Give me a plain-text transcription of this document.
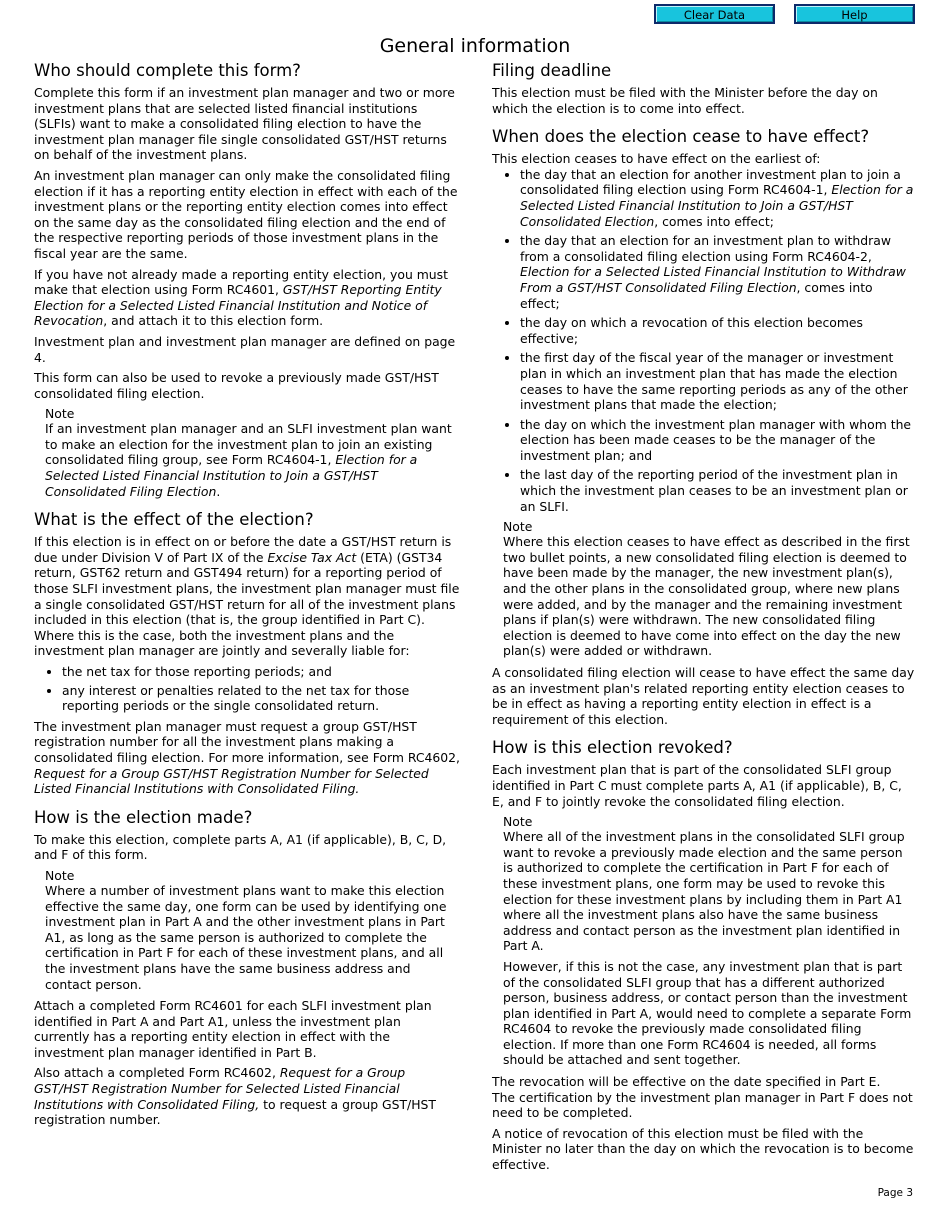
Clear Data	Help
General information
Who should complete this form?

Complete this form if an investment plan manager and two or more investment plans that are selected listed financial institutions (SLFIs) want to make a consolidated filing election to have the investment plan manager file single consolidated GST/HST returns on behalf of the investment plans.

An investment plan manager can only make the consolidated filing election if it has a reporting entity election in effect with each of the investment plans or the reporting entity election comes into effect on the same day as the consolidated filing election and the end of the respective reporting periods of those investment plans in the fiscal year are the same.

If you have not already made a reporting entity election, you must make that election using Form RC4601, GST/HST Reporting Entity Election for a Selected Listed Financial Institution and Notice of Revocation, and attach it to this election form.

Investment plan and investment plan manager are defined on page 4.

This form can also be used to revoke a previously made GST/HST consolidated filing election.

Note

If an investment plan manager and an SLFI investment plan want to make an election for the investment plan to join an existing consolidated filing group, see Form RC4604-1, Election for a Selected Listed Financial Institution to Join a GST/HST Consolidated Filing Election.

What is the effect of the election?

If this election is in effect on or before the date a GST/HST return is due under Division V of Part IX of the Excise Tax Act (ETA) (GST34 return, GST62 return and GST494 return) for a reporting period of those SLFI investment plans, the investment plan manager must file a single consolidated GST/HST return for all of the investment plans included in this election (that is, the group identified in Part C). Where this is the case, both the investment plans and the investment plan manager are jointly and severally liable for:

• the net tax for those reporting periods; and
• any interest or penalties related to the net tax for those reporting periods or the single consolidated return.

The investment plan manager must request a group GST/HST registration number for all the investment plans making a consolidated filing election. For more information, see Form RC4602, Request for a Group GST/HST Registration Number for Selected Listed Financial Institutions with Consolidated Filing.

How is the election made?

To make this election, complete parts A, A1 (if applicable), B, C, D, and F of this form.

Note

Where a number of investment plans want to make this election effective the same day, one form can be used by identifying one investment plan in Part A and the other investment plans in Part A1, as long as the same person is authorized to complete the certification in Part F for each of these investment plans, and all the investment plans have the same business address and contact person.

Attach a completed Form RC4601 for each SLFI investment plan identified in Part A and Part A1, unless the investment plan currently has a reporting entity election in effect with the investment plan manager identified in Part B.

Also attach a completed Form RC4602, Request for a Group GST/HST Registration Number for Selected Listed Financial Institutions with Consolidated Filing, to request a group GST/HST registration number.

Filing deadline

This election must be filed with the Minister before the day on which the election is to come into effect.

When does the election cease to have effect?

This election ceases to have effect on the earliest of:

• the day that an election for another investment plan to join a consolidated filing election using Form RC4604-1, Election for a Selected Listed Financial Institution to Join a GST/HST Consolidated Election, comes into effect;
• the day that an election for an investment plan to withdraw from a consolidated filing election using Form RC4604-2, Election for a Selected Listed Financial Institution to Withdraw From a GST/HST Consolidated Filing Election, comes into effect;
• the day on which a revocation of this election becomes effective;
• the first day of the fiscal year of the manager or investment plan in which an investment plan that has made the election ceases to have the same reporting periods as any of the other investment plans that made the election;
• the day on which the investment plan manager with whom the election has been made ceases to be the manager of the investment plan; and
• the last day of the reporting period of the investment plan in which the investment plan ceases to be an investment plan or an SLFI.

Note

Where this election ceases to have effect as described in the first two bullet points, a new consolidated filing election is deemed to have been made by the manager, the new investment plan(s), and the other plans in the consolidated group, where new plans were added, and by the manager and the remaining investment plans if plan(s) were withdrawn. The new consolidated filing election is deemed to have come into effect on the day the new plan(s) were added or withdrawn.

A consolidated filing election will cease to have effect the same day as an investment plan's related reporting entity election ceases to be in effect as having a reporting entity election in effect is a requirement of this election.

How is this election revoked?

Each investment plan that is part of the consolidated SLFI group identified in Part C must complete parts A, A1 (if applicable), B, C, E, and F to jointly revoke the consolidated filing election.

Note

Where all of the investment plans in the consolidated SLFI group want to revoke a previously made election and the same person is authorized to complete the certification in Part F for each of these investment plans, one form may be used to revoke this election for these investment plans by including them in Part A1 where all the investment plans also have the same business address and contact person as the investment plan identified in Part A.

However, if this is not the case, any investment plan that is part of the consolidated SLFI group that has a different authorized person, business address, or contact person than the investment plan identified in Part A, would need to complete a separate Form RC4604 to revoke the previously made consolidated filing election. If more than one Form RC4604 is needed, all forms should be attached and sent together.

The revocation will be effective on the date specified in Part E.

The certification by the investment plan manager in Part F does not need to be completed.

A notice of revocation of this election must be filed with the Minister no later than the day on which the revocation is to become effective.

Page 3
